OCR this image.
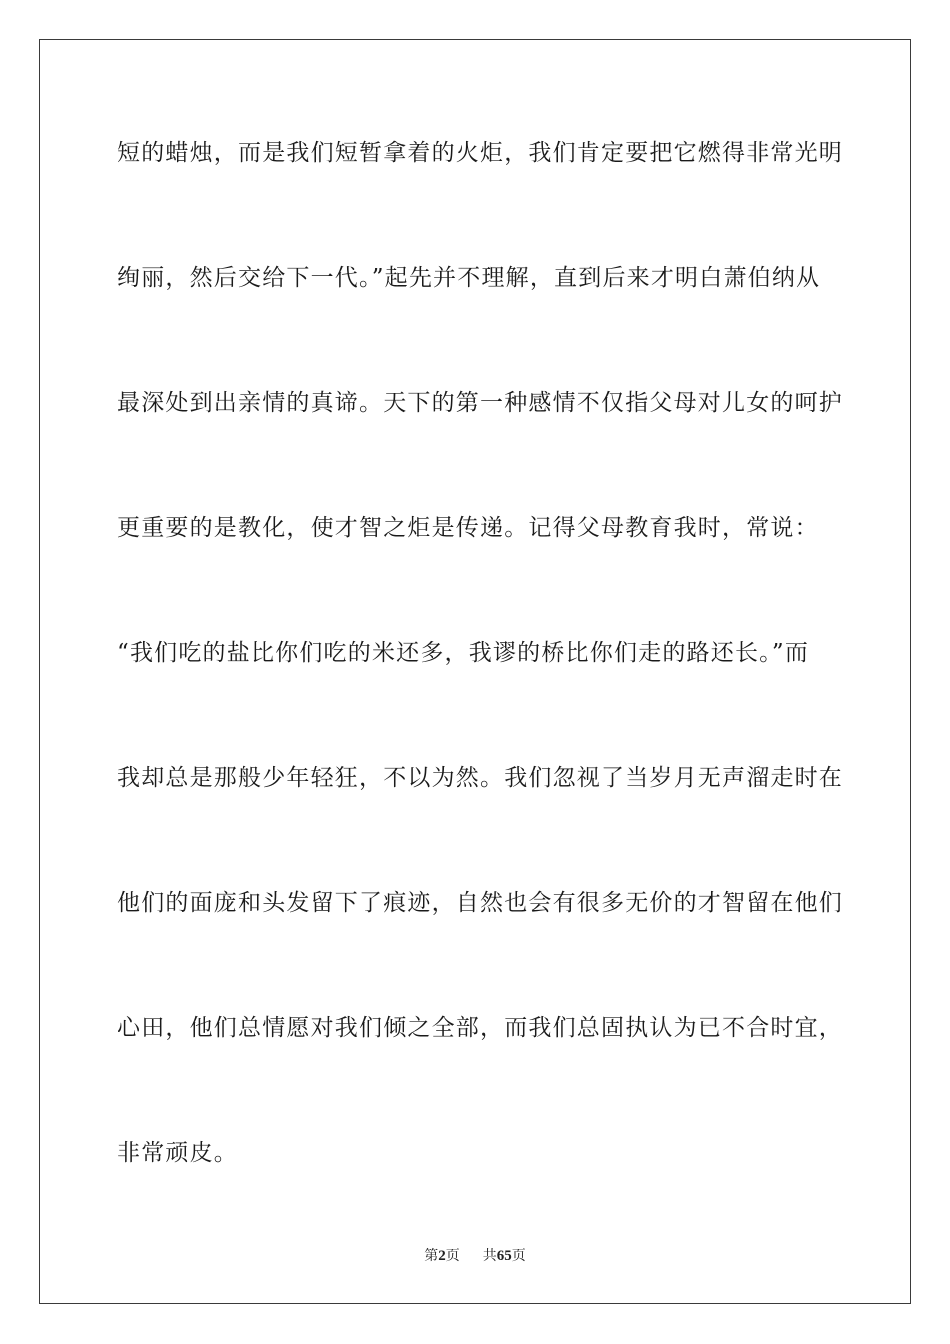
短的蜡烛，而是我们短暂拿着的火炬，我们肯定要把它燃得非常光明
绚丽，然后交给下一代。”起先并不理解，直到后来才明白萧伯纳从
最深处到出亲情的真谛。天下的第一种感情不仅指父母对儿女的呵护
更重要的是教化，使才智之炬是传递。记得父母教育我时，常说：
“我们吃的盐比你们吃的米还多，我谬的桥比你们走的路还长。”而
我却总是那般少年轻狂，不以为然。我们忽视了当岁月无声溜走时在
他们的面庞和头发留下了痕迹，自然也会有很多无价的才智留在他们
心田，他们总情愿对我们倾之全部，而我们总固执认为已不合时宜，
非常顽皮。
第2页 共65页
